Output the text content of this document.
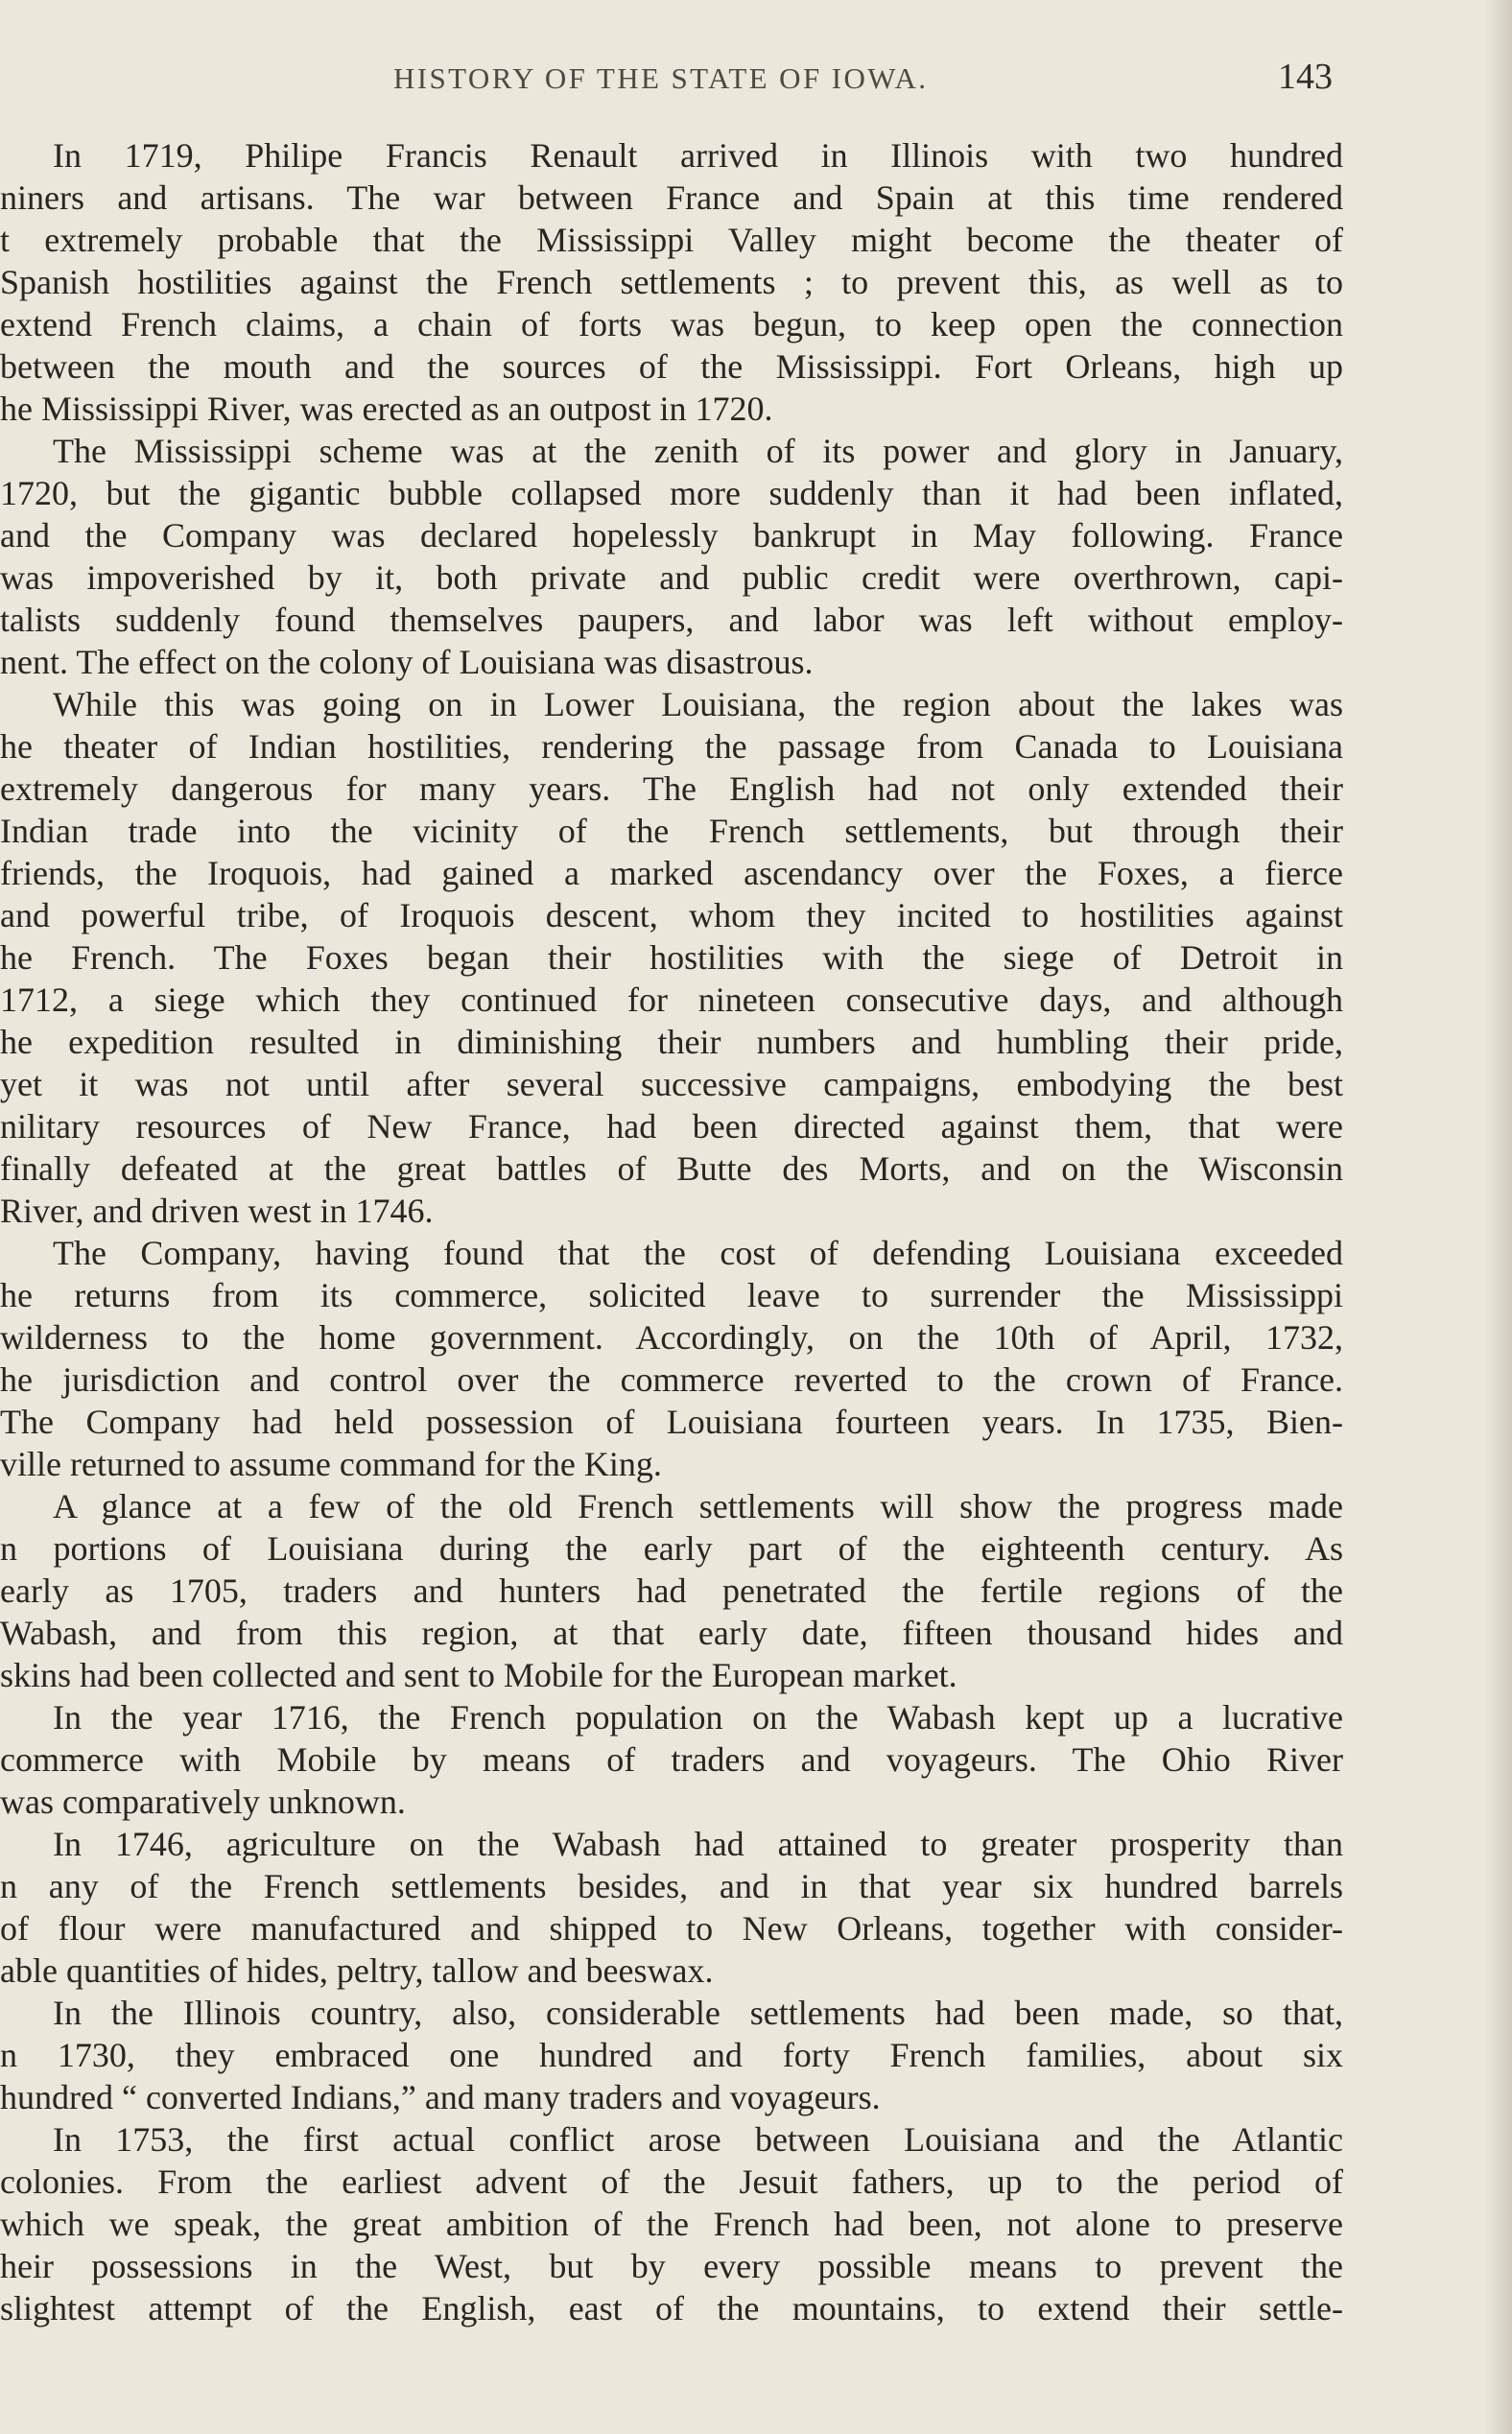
HISTORY OF THE STATE OF IOWA.	143
In 1719, Philipe Francis Renault arrived in Illinois with two hundred
niners and artisans. The war between France and Spain at this time rendered
t extremely probable that the Mississippi Valley might become the theater of
Spanish hostilities against the French settlements ; to prevent this, as well as to
extend French claims, a chain of forts was begun, to keep open the connection
between the mouth and the sources of the Mississippi. Fort Orleans, high up
he Mississippi River, was erected as an outpost in 1720.
The Mississippi scheme was at the zenith of its power and glory in January,
1720, but the gigantic bubble collapsed more suddenly than it had been inflated,
and the Company was declared hopelessly bankrupt in May following. France
was impoverished by it, both private and public credit were overthrown, capi-
talists suddenly found themselves paupers, and labor was left without employ-
nent. The effect on the colony of Louisiana was disastrous.
While this was going on in Lower Louisiana, the region about the lakes was
he theater of Indian hostilities, rendering the passage from Canada to Louisiana
extremely dangerous for many years. The English had not only extended their
Indian trade into the vicinity of the French settlements, but through their
friends, the Iroquois, had gained a marked ascendancy over the Foxes, a fierce
and powerful tribe, of Iroquois descent, whom they incited to hostilities against
he French. The Foxes began their hostilities with the siege of Detroit in
1712, a siege which they continued for nineteen consecutive days, and although
he expedition resulted in diminishing their numbers and humbling their pride,
yet it was not until after several successive campaigns, embodying the best
nilitary resources of New France, had been directed against them, that were
finally defeated at the great battles of Butte des Morts, and on the Wisconsin
River, and driven west in 1746.
The Company, having found that the cost of defending Louisiana exceeded
he returns from its commerce, solicited leave to surrender the Mississippi
wilderness to the home government. Accordingly, on the 10th of April, 1732,
he jurisdiction and control over the commerce reverted to the crown of France.
The Company had held possession of Louisiana fourteen years. In 1735, Bien-
ville returned to assume command for the King.
A glance at a few of the old French settlements will show the progress made
n portions of Louisiana during the early part of the eighteenth century. As
early as 1705, traders and hunters had penetrated the fertile regions of the
Wabash, and from this region, at that early date, fifteen thousand hides and
skins had been collected and sent to Mobile for the European market.
In the year 1716, the French population on the Wabash kept up a lucrative
commerce with Mobile by means of traders and voyageurs. The Ohio River
was comparatively unknown.
In 1746, agriculture on the Wabash had attained to greater prosperity than
n any of the French settlements besides, and in that year six hundred barrels
of flour were manufactured and shipped to New Orleans, together with consider-
able quantities of hides, peltry, tallow and beeswax.
In the Illinois country, also, considerable settlements had been made, so that,
n 1730, they embraced one hundred and forty French families, about six
hundred “ converted Indians,” and many traders and voyageurs.
In 1753, the first actual conflict arose between Louisiana and the Atlantic
colonies. From the earliest advent of the Jesuit fathers, up to the period of
which we speak, the great ambition of the French had been, not alone to preserve
heir possessions in the West, but by every possible means to prevent the
slightest attempt of the English, east of the mountains, to extend their settle-
